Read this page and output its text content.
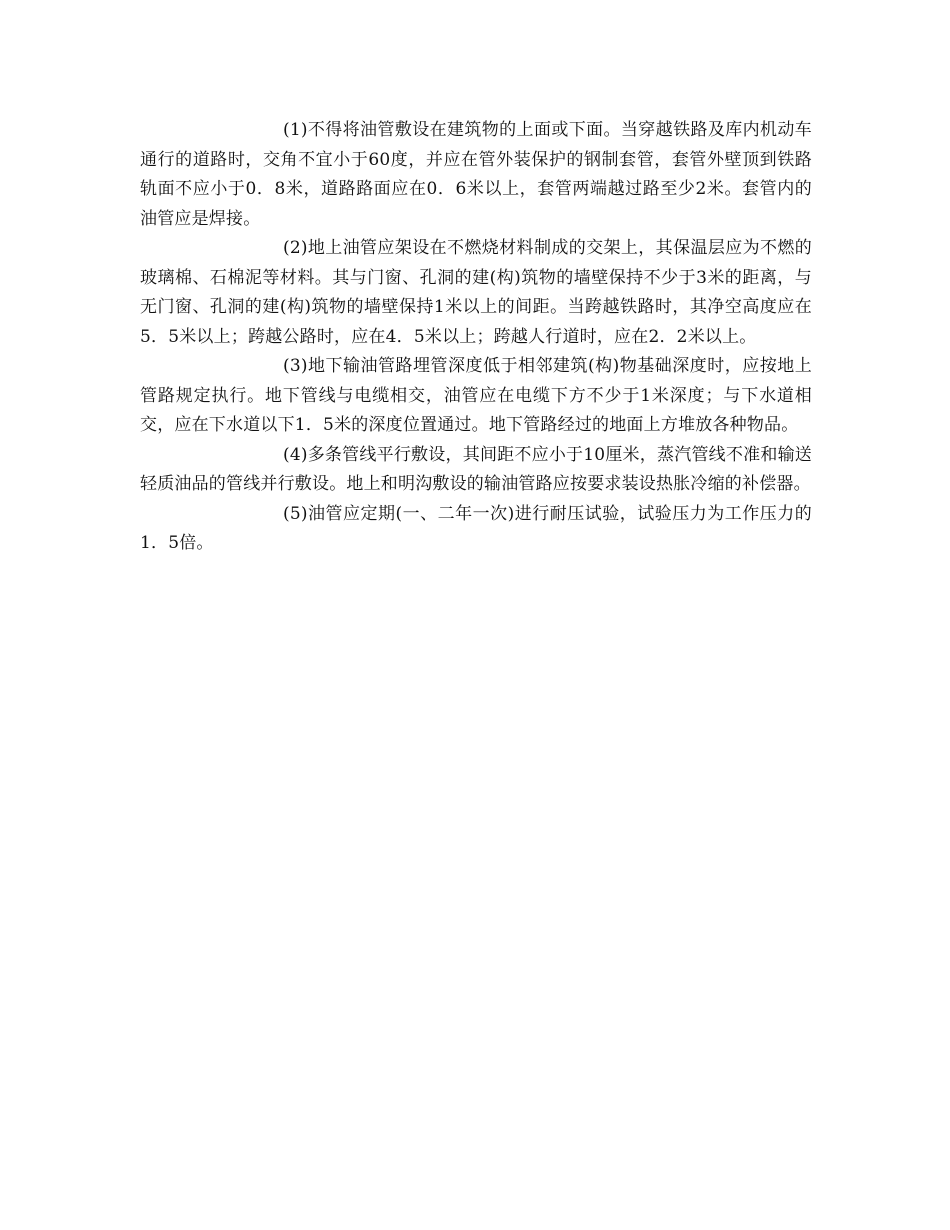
(1)不得将油管敷设在建筑物的上面或下面。当穿越铁路及库内机动车通行的道路时，交角不宜小于60度，并应在管外装保护的钢制套管，套管外壁顶到铁路轨面不应小于0．8米，道路路面应在0．6米以上，套管两端越过路至少2米。套管内的油管应是焊接。

(2)地上油管应架设在不燃烧材料制成的交架上，其保温层应为不燃的玻璃棉、石棉泥等材料。其与门窗、孔洞的建(构)筑物的墙壁保持不少于3米的距离，与无门窗、孔洞的建(构)筑物的墙壁保持1米以上的间距。当跨越铁路时，其净空高度应在5．5米以上；跨越公路时，应在4．5米以上；跨越人行道时，应在2．2米以上。

(3)地下输油管路埋管深度低于相邻建筑(构)物基础深度时，应按地上管路规定执行。地下管线与电缆相交，油管应在电缆下方不少于1米深度；与下水道相交，应在下水道以下1．5米的深度位置通过。地下管路经过的地面上方堆放各种物品。

(4)多条管线平行敷设，其间距不应小于10厘米，蒸汽管线不准和输送轻质油品的管线并行敷设。地上和明沟敷设的输油管路应按要求装设热胀冷缩的补偿器。

(5)油管应定期(一、二年一次)进行耐压试验，试验压力为工作压力的1．5倍。
